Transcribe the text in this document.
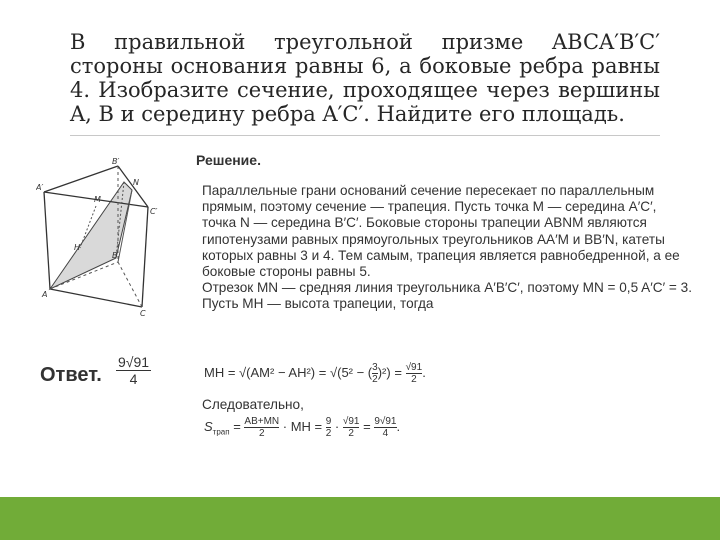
В правильной треугольной призме ABCA′B′C′ стороны основания равны 6, а боковые ребра равны 4. Изобразите сечение, проходящее через вершины A, B и середину ребра A′C′. Найдите его площадь.
B′
A′
N
M
C′
H
B
A
C
Решение.
Параллельные грани оснований сечение пересекает по параллельным прямым, поэтому сечение — трапеция. Пусть точка M — середина A′C′, точка N — середина B′C′. Боковые стороны трапеции ABNM являются гипотенузами равных прямоугольных треугольников AA′M и BB′N, катеты которых равны 3 и 4. Тем самым, трапеция является равнобедренной, а ее боковые стороны равны 5.
Отрезок MN — средняя линия треугольника A′B′C′, поэтому MN = 0,5 A′C′ = 3. Пусть MH — высота трапеции, тогда
MH = $√(AM^2 - AH^2) = √(5^2 - (\frac{3}{2})^2) = \frac{√91}{2}$.
Следовательно,
$S_{трап} = \frac{AB+MN}{2}$ · MH = $\frac{9}{2} \cdot \frac{√91}{2} = \frac{9√91}{4}$.
Ответ.
9√91
4
